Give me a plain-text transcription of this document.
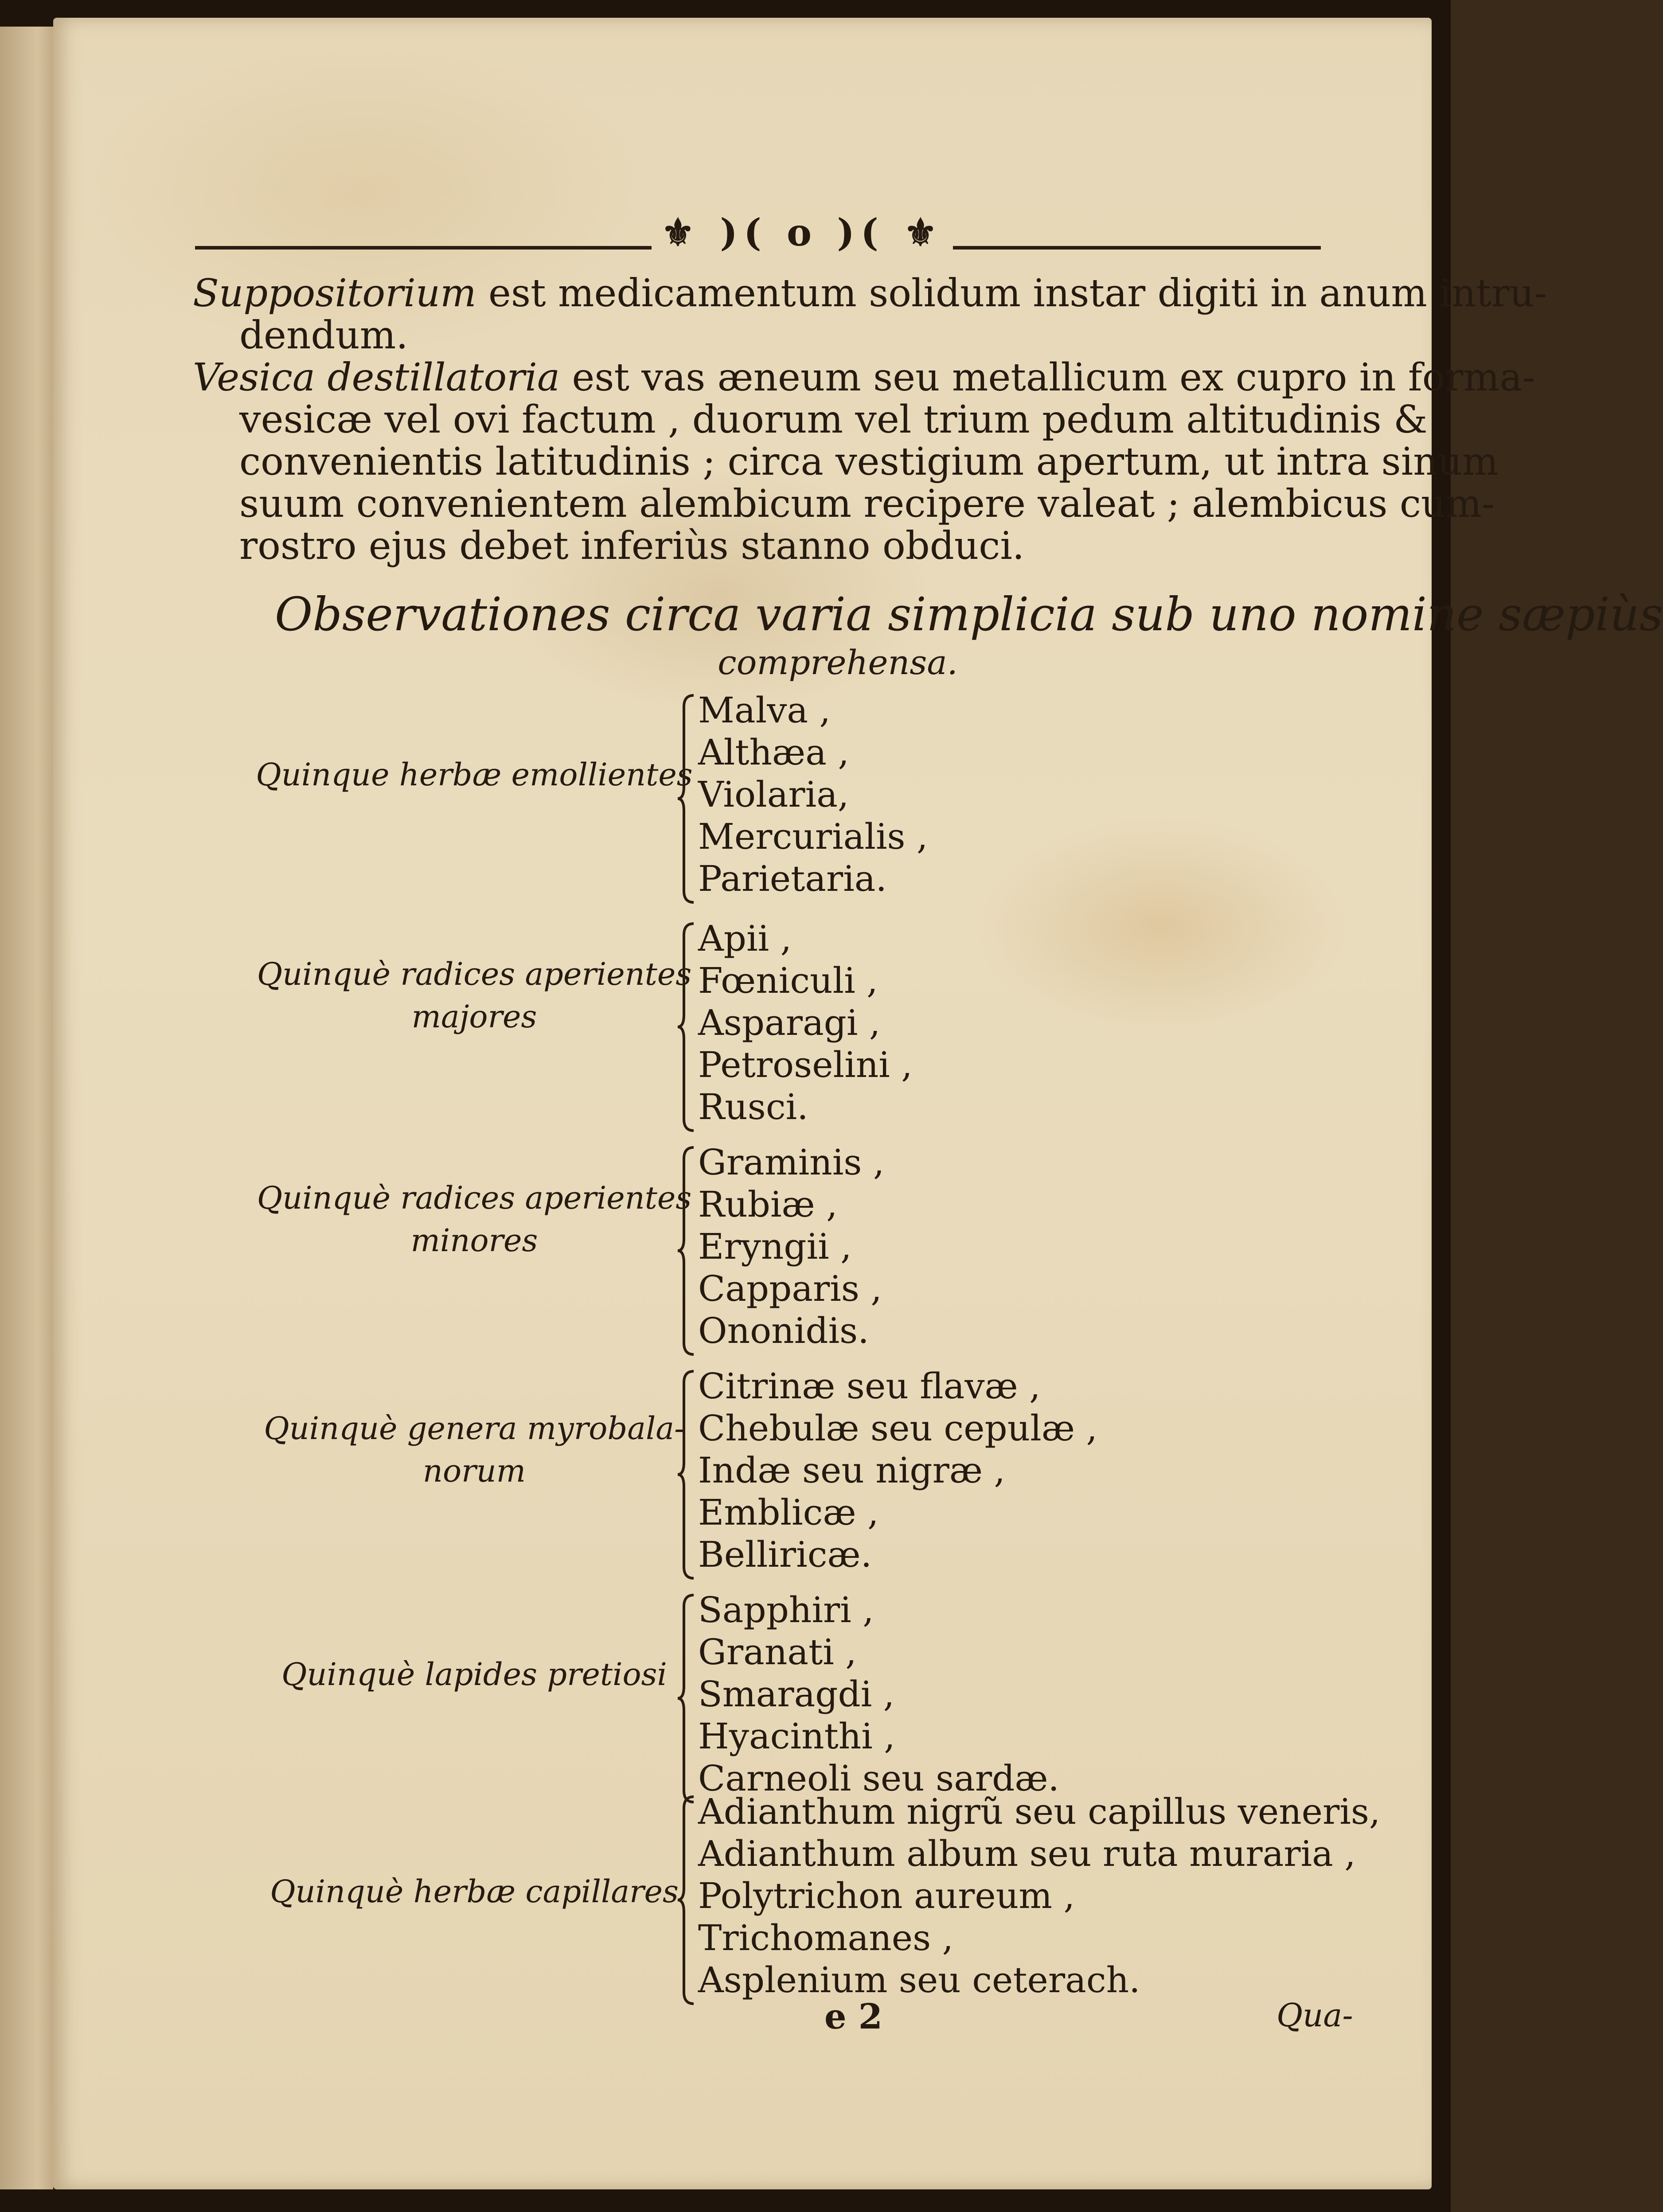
⚜ )( o )( ⚜
Suppositorium est medicamentum solidum instar digiti in anum intru-
dendum.
Vesica destillatoria est vas æneum seu metallicum ex cupro in forma-
vesicæ vel ovi factum , duorum vel trium pedum altitudinis &
convenientis latitudinis ; circa vestigium apertum, ut intra sinum
suum convenientem alembicum recipere valeat ; alembicus cum-
rostro ejus debet inferiùs stanno obduci.
Observationes circa varia simplicia sub uno nomine sæpiùs
comprehensa.
Quinque herbæ emollientes
Malva ,
Althæa ,
Violaria,
Mercurialis ,
Parietaria.
Quinquè radices aperientes
majores
Apii ,
Fœniculi ,
Asparagi ,
Petroselini ,
Rusci.
Quinquè radices aperientes
minores
Graminis ,
Rubiæ ,
Eryngii ,
Capparis ,
Ononidis.
Quinquè genera myrobala-
norum
Citrinæ seu flavæ ,
Chebulæ seu cepulæ ,
Indæ seu nigræ ,
Emblicæ ,
Belliricæ.
Quinquè lapides pretiosi
Sapphiri ,
Granati ,
Smaragdi ,
Hyacinthi ,
Carneoli seu sardæ.
Quinquè herbæ capillares
Adianthum nigrũ seu capillus veneris,
Adianthum album seu ruta muraria ,
Polytrichon aureum ,
Trichomanes ,
Asplenium seu ceterach.
e 2	Qua-
